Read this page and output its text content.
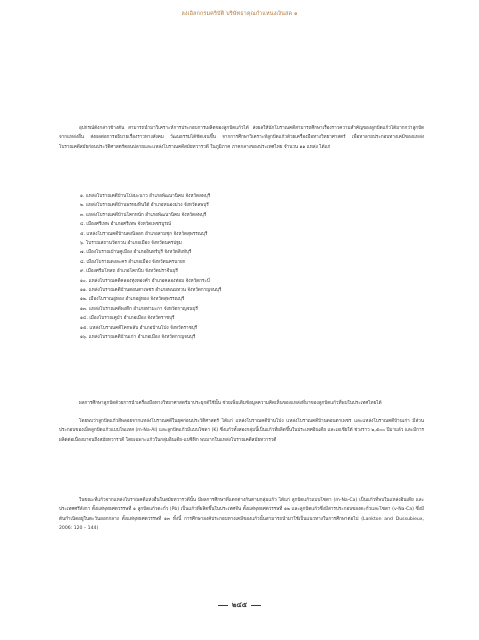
ลงเอิลกกรมคริบัติ บริษัทธาคุณกำแหนงเงินสด ๑
อุปกรณ์ดังกล่าวข้างต้น สามารถนำมาวิเคราะห์การประกอบการเผลิตของลูกปัดแก้วได้ ส่งผลให้นักโบราณคดีสามารถศึกษาเรื่องราวความสำคัญของลูกปัดแก้วได้มากกว่าลูกปัดจากแหล่งอื่น ส่งผลต่อการอธิบายเรื่องราวทางสังคม วัฒนธรรมได้ชัดเจนขึ้น จากการศึกษาวิเคราะห์ลูกปัดแก้วด้วยเครื่องมือทางวิทยาศาสตร์ เพื่อหาลายประกอบทางเคมีของแหล่งโบราณคดีสมัยก่อนประวัติศาสตร์ตอนปลายและแหล่งโบราณคดีสมัยทวารวดี ในภูมิภาค ภาคกลางของประเทศไทย จำนวน ๑๑ แหล่ง ได้แก่
๑. แหล่งโบราณคดีบ้านโป่งมะนาว อำเภอพัฒนานิคม จังหวัดลพบุรี
๒. แหล่งโบราณคดีบ้านพรหมทินใต้ อำเภอหนองม่วง จังหวัดลพบุรี
๓. แหล่งโบราณคดีบ้านโคกหนัก อำเภอพัฒนานิคม จังหวัดลพบุรี
๔. เมืองศรีเทพ อำเภอศรีเทพ จังหวัดเพชรบูรณ์
๕. แหล่งโบราณคดีบ้านดงนิลอก อำเภอสามชุก จังหวัดสุพรรณบุรี
๖. โบราณสถานวัดกวน อำเภอเมือง จังหวัดนครปฐม
๗. เมืองโบราณบ้านคูเมือง อำเภออินทร์บุรี จังหวัดสิงห์บุรี
๘. เมืองโบราณดงละคร อำเภอเมือง จังหวัดนครนายก
๙. เมืองศรีมโหสถ อำเภอโคกปีบ จังหวัดปราจีนบุรี
๑๐. แหล่งโบราณคดีคลองทุ่งทองคำ อำเภอคลองท่อม จังหวัดกระบี่
๑๑. แหล่งโบราณคดีบ้านดอนตาเพชร อำเภอพนมทวน จังหวัดกาญจนบุรี
๑๒. เมืองโบราณอู่ทอง อำเภออู่ทอง จังหวัดสุพรรณบุรี
๑๓. แหล่งโบราณคดีพงตึก อำเภอท่ามะกา จังหวัดกาญจนบุรี
๑๔. เมืองโบราณคูบัว อำเภอเมือง จังหวัดราชบุรี
๑๕. แหล่งโบราณคดีโคกพลับ อำเภอบ้านโป่ง จังหวัดราชบุรี
๑๖. แหล่งโบราณคดีบ้านเก่า อำเภอเมือง จังหวัดกาญจนบุรี
ผลการศึกษาลูกปัดด้วยการนำเครื่องมือทางวิทยาศาสตร์มาประยุกต์ใช้นั้น ช่วยเพิ่มเติมข้อมูลความคิดเห็นของแหล่งที่มาของลูกปัดแก้วที่พบในประเทศไทยได้
โดยพบว่าลูกปัดแก้วสีพลอยจากแหล่งโบราณคดีในยุคก่อนประวัติศาสตร์ ได้แก่ แหล่งโบราณคดีบ้านโป่ง แหล่งโบราณคดีบ้านดอนตาเพชร และแหล่งโบราณคดีบ้านเก่า มีส่วนประกอบของเม็ดลูกปัดแก้วแบบโพแทส (m-Na-Al) และลูกปัดแก้วมีแบบโซดา (K) ซึ่งแก้วทั้งสองกลุ่มนี้เป็นแก้วที่ผลิตขึ้นในประเทศอินเดีย และเอเชียใต้ ช่วงราว ๒,๕๐๐ ปีมาแล้ว และมีการผลิตต่อเนื่องมาจนถึงสมัยทวารวดี โดยเฉพาะแก้วในกลุ่มอินเดีย-แปซิฟิก พบมากในแหล่งโบราณคดีสมัยทวารวดี
ในขณะที่แก้วจากแหล่งโบราณคดีแห่งอื่นในสมัยทวารวดีนั้น มีผลการศึกษาที่แตกต่างกันตามกลุ่มแก้ว ได้แก่ ลูกปัดแก้วแบบโซดา (m-Na-Ca) เป็นแก้วที่พบในแหล่งอินเดีย และประเทศศรีลังกา ตั้งแต่พุทธศตวรรษที่ ๑ ลูกปัดแก้วตะกั่ว (Pb) เป็นแก้วที่ผลิตขึ้นในประเทศจีน ตั้งแต่พุทธศตวรรษที่ ๑๒ และลูกปัดแก้วซึ่งมีสารประกอบของตะกั่วและโซดา (v-Na-Ca) ซึ่งมีต้นกำเนิดอยู่ในตะวันออกกลาง ตั้งแต่พุทธศตวรรษที่ ๑๓ ทั้งนี้ การศึกษาองค์ประกอบทางเคมีของแก้วนั้นสามารถนำมาใช้เป็นแนวทางในการศึกษาต่อไป (Lankton and Dussubieux, 2006: 120 – 144)
๒๔๕
